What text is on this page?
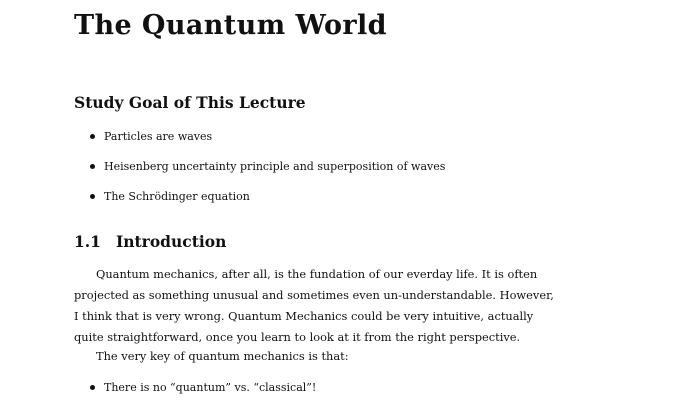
The Quantum World
Study Goal of This Lecture
Particles are waves
Heisenberg uncertainty principle and superposition of waves
The Schrödinger equation
1.1 Introduction

Quantum mechanics, after all, is the fundation of our everday life. It is often

projected as something unusual and sometimes even un-understandable. However,

I think that is very wrong. Quantum Mechanics could be very intuitive, actually

quite straightforward, once you learn to look at it from the right perspective.

The very key of quantum mechanics is that:

There is no “quantum” vs. “classical”!
